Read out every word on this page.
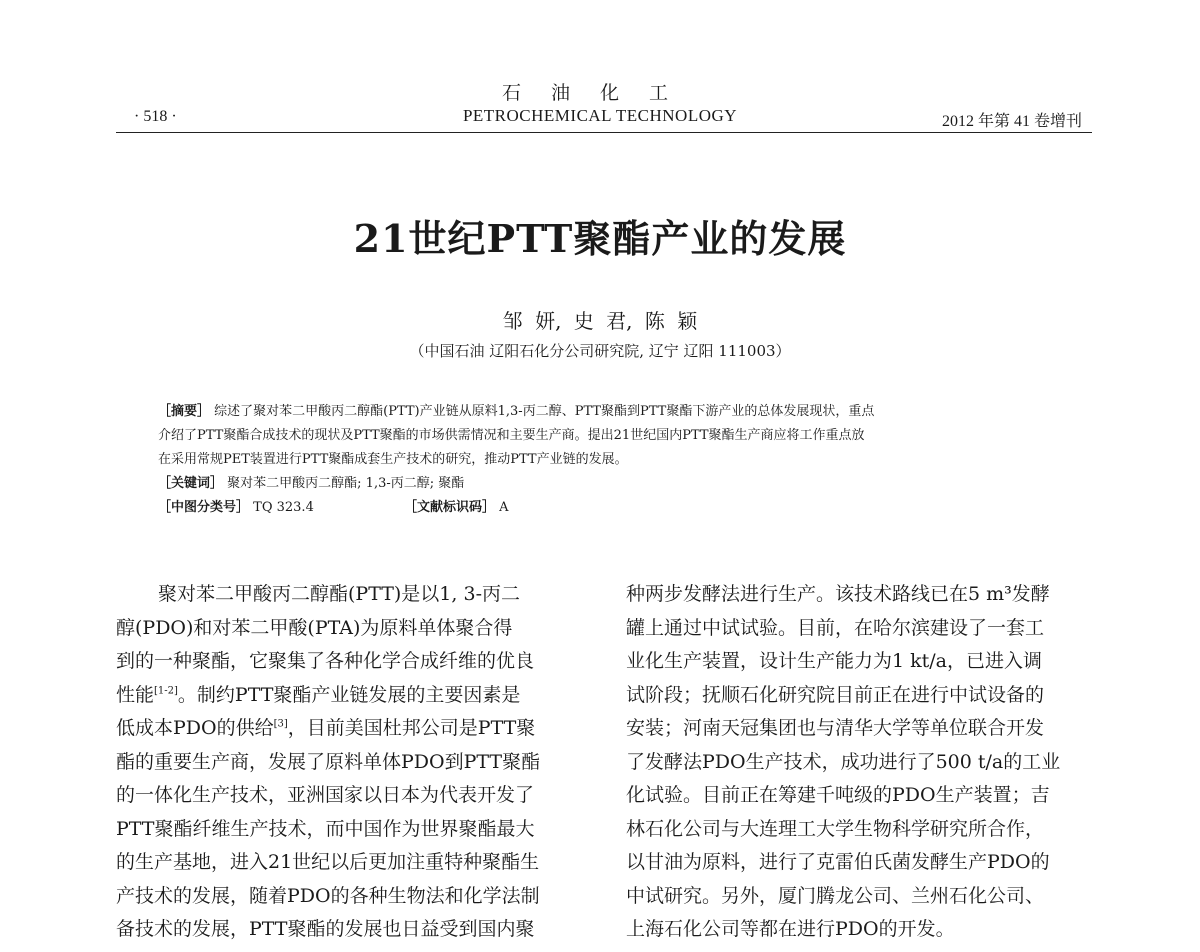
石油化工
· 518 ·	PETROCHEMICAL TECHNOLOGY	2012 年第 41 卷增刊
21世纪PTT聚酯产业的发展
邹 妍, 史 君, 陈 颖
（中国石油 辽阳石化分公司研究院, 辽宁 辽阳 111003）
［摘要］ 综述了聚对苯二甲酸丙二醇酯(PTT)产业链从原料1,3-丙二醇、PTT聚酯到PTT聚酯下游产业的总体发展现状，重点
介绍了PTT聚酯合成技术的现状及PTT聚酯的市场供需情况和主要生产商。提出21世纪国内PTT聚酯生产商应将工作重点放
在采用常规PET装置进行PTT聚酯成套生产技术的研究，推动PTT产业链的发展。
［关键词］ 聚对苯二甲酸丙二醇酯; 1,3-丙二醇; 聚酯
［中图分类号］ TQ 323.4	［文献标识码］ A
聚对苯二甲酸丙二醇酯(PTT)是以1, 3-丙二
醇(PDO)和对苯二甲酸(PTA)为原料单体聚合得
到的一种聚酯，它聚集了各种化学合成纤维的优良
性能[1-2]。制约PTT聚酯产业链发展的主要因素是
低成本PDO的供给[3]，目前美国杜邦公司是PTT聚
酯的重要生产商，发展了原料单体PDO到PTT聚酯
的一体化生产技术，亚洲国家以日本为代表开发了
PTT聚酯纤维生产技术，而中国作为世界聚酯最大
的生产基地，进入21世纪以后更加注重特种聚酯生
产技术的发展，随着PDO的各种生物法和化学法制
备技术的发展，PTT聚酯的发展也日益受到国内聚
种两步发酵法进行生产。该技术路线已在5 m³发酵
罐上通过中试试验。目前，在哈尔滨建设了一套工
业化生产装置，设计生产能力为1 kt/a，已进入调
试阶段；抚顺石化研究院目前正在进行中试设备的
安装；河南天冠集团也与清华大学等单位联合开发
了发酵法PDO生产技术，成功进行了500 t/a的工业
化试验。目前正在筹建千吨级的PDO生产装置；吉
林石化公司与大连理工大学生物科学研究所合作，
以甘油为原料，进行了克雷伯氏菌发酵生产PDO的
中试研究。另外，厦门腾龙公司、兰州石化公司、
上海石化公司等都在进行PDO的开发。
